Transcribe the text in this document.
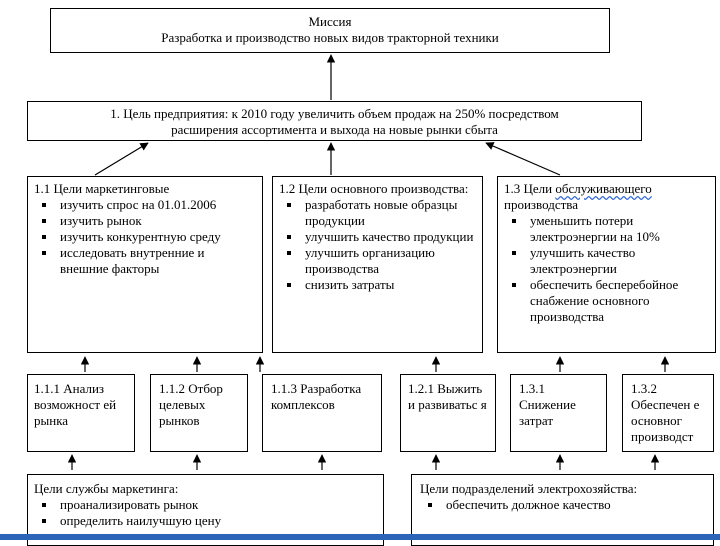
Миссия
Разработка и производство новых видов тракторной техники
1. Цель предприятия: к 2010 году увеличить объем продаж на 250% посредством
расширения ассортимента и выхода на новые рынки сбыта
1.1 Цели маркетинговые
изучить спрос на 01.01.2006
изучить рынок
изучить конкурентную среду
исследовать внутренние и внешние факторы
1.2 Цели основного производства:
разработать новые образцы продукции
улучшить качество продукции
улучшить организацию производства
снизить затраты
1.3 Цели обслуживающего производства
уменьшить потери электроэнергии на 10%
улучшить качество электроэнергии
обеспечить бесперебойное снабжение основного производства
1.1.1 Анализ возможност ей рынка
1.1.2 Отбор целевых рынков
1.1.3 Разработка комплексов
1.2.1 Выжить и развиватьс я
1.3.1 Снижение затрат
1.3.2 Обеспечен е основног производст
Цели службы маркетинга:
проанализировать рынок
определить наилучшую цену
Цели подразделений электрохозяйства:
обеспечить должное качество
